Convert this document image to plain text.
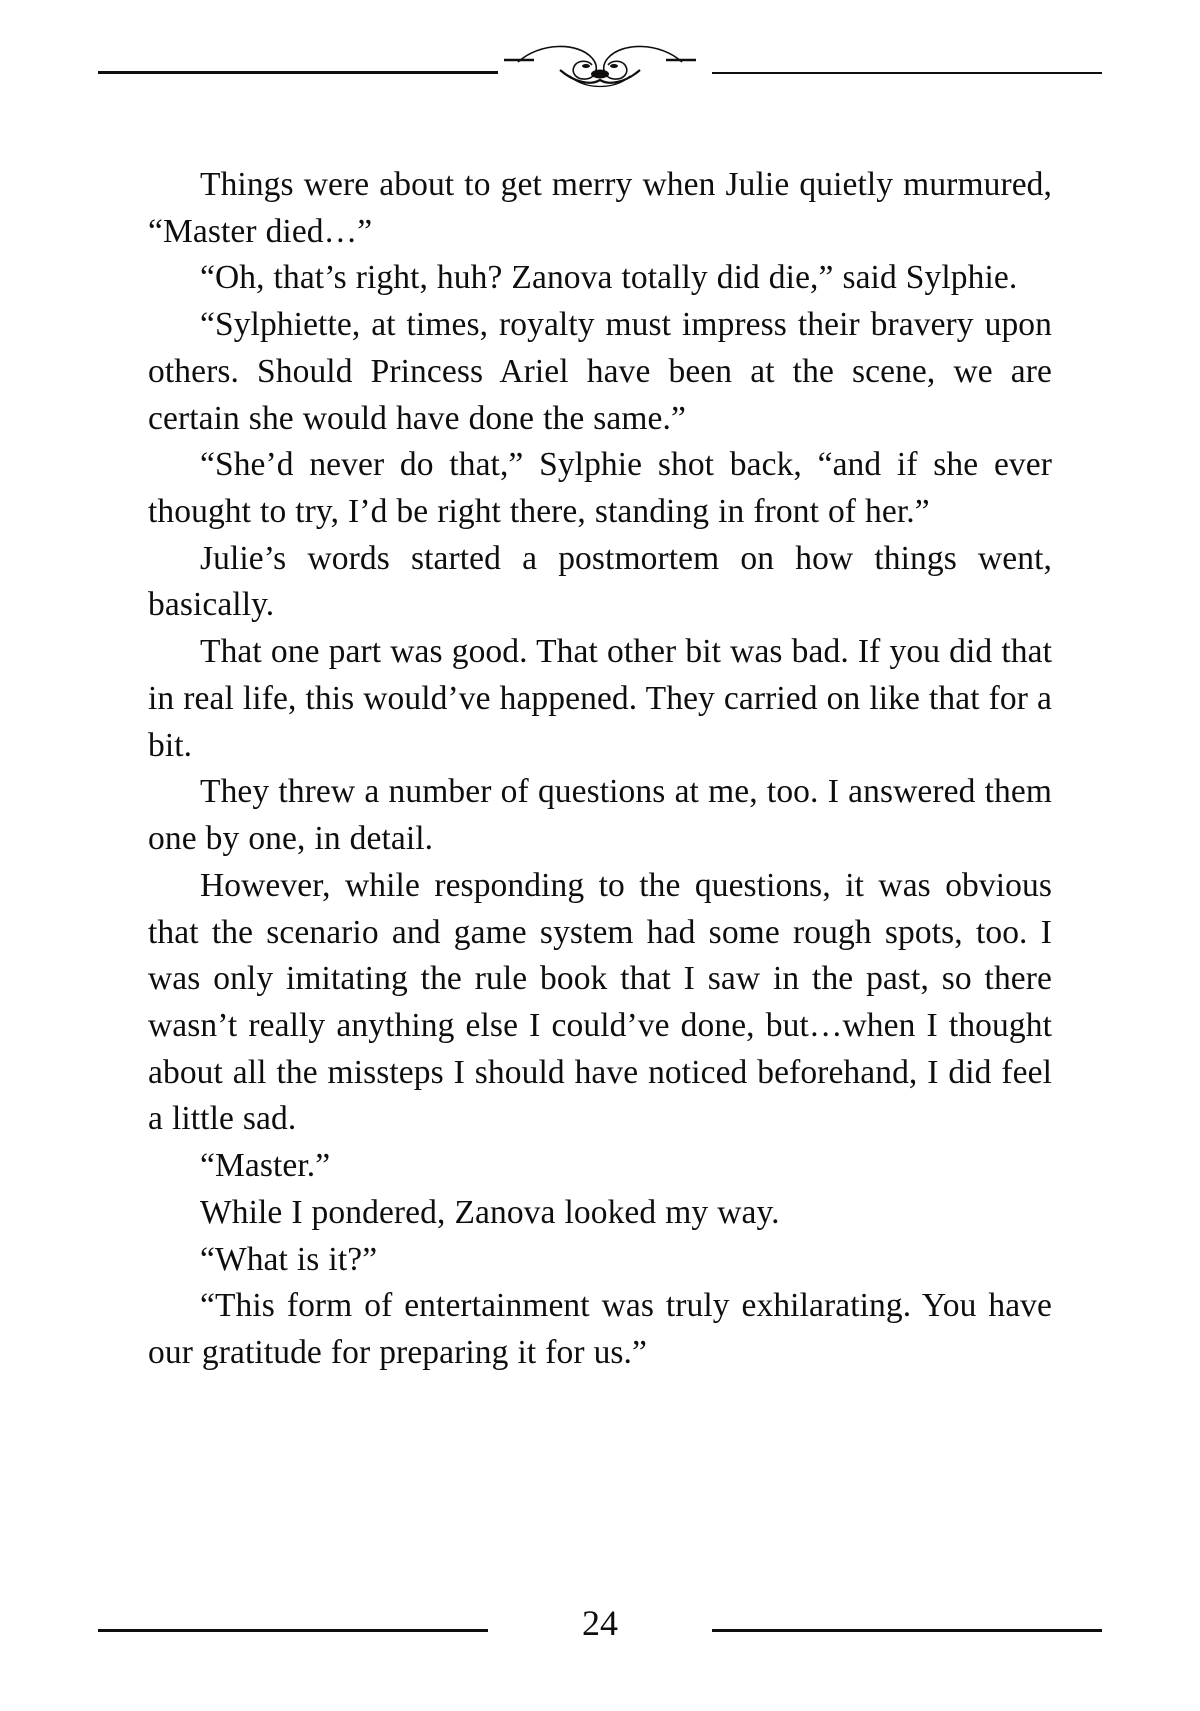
Things were about to get merry when Julie quietly murmured, “Master died…”

“Oh, that’s right, huh? Zanova totally did die,” said Sylphie.

“Sylphiette, at times, royalty must impress their bravery upon others. Should Princess Ariel have been at the scene, we are certain she would have done the same.”

“She’d never do that,” Sylphie shot back, “and if she ever thought to try, I’d be right there, standing in front of her.”

Julie’s words started a postmortem on how things went, basically.

That one part was good. That other bit was bad. If you did that in real life, this would’ve happened. They carried on like that for a bit.

They threw a number of questions at me, too. I answered them one by one, in detail.

However, while responding to the questions, it was obvious that the scenario and game system had some rough spots, too. I was only imitating the rule book that I saw in the past, so there wasn’t really anything else I could’ve done, but…when I thought about all the missteps I should have noticed beforehand, I did feel a little sad.

“Master.”

While I pondered, Zanova looked my way.

“What is it?”

“This form of entertainment was truly exhilarating. You have our gratitude for preparing it for us.”

24
